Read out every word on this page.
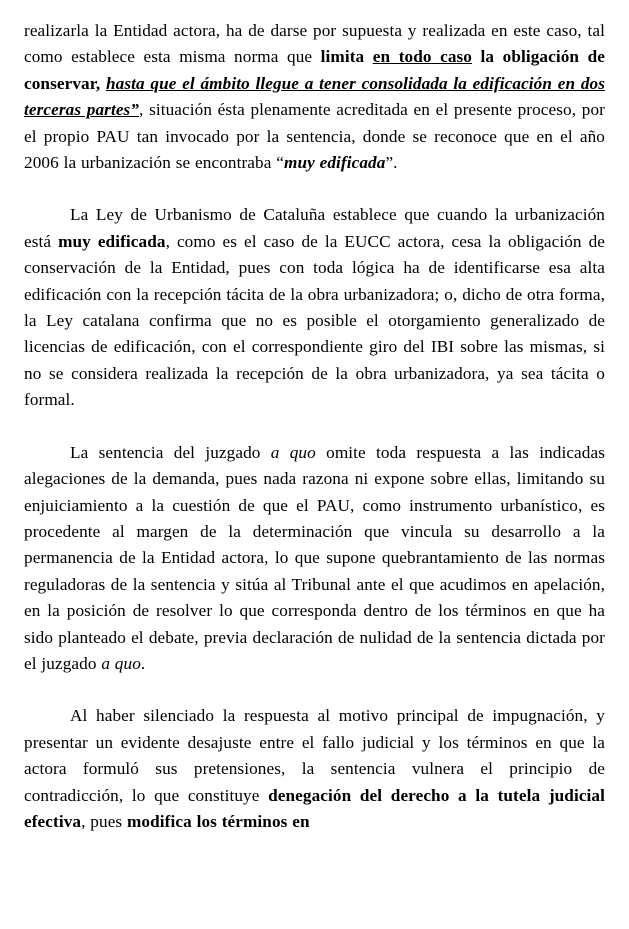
realizarla la Entidad actora, ha de darse por supuesta y realizada en este caso, tal como establece esta misma norma que limita en todo caso la obligación de conservar, hasta que el ámbito llegue a tener consolidada la edificación en dos terceras partes”, situación ésta plenamente acreditada en el presente proceso, por el propio PAU tan invocado por la sentencia, donde se reconoce que en el año 2006 la urbanización se encontraba “muy edificada”.

La Ley de Urbanismo de Cataluña establece que cuando la urbanización está muy edificada, como es el caso de la EUCC actora, cesa la obligación de conservación de la Entidad, pues con toda lógica ha de identificarse esa alta edificación con la recepción tácita de la obra urbanizadora; o, dicho de otra forma, la Ley catalana confirma que no es posible el otorgamiento generalizado de licencias de edificación, con el correspondiente giro del IBI sobre las mismas, si no se considera realizada la recepción de la obra urbanizadora, ya sea tácita o formal.

La sentencia del juzgado a quo omite toda respuesta a las indicadas alegaciones de la demanda, pues nada razona ni expone sobre ellas, limitando su enjuiciamiento a la cuestión de que el PAU, como instrumento urbanístico, es procedente al margen de la determinación que vincula su desarrollo a la permanencia de la Entidad actora, lo que supone quebrantamiento de las normas reguladoras de la sentencia y sitúa al Tribunal ante el que acudimos en apelación, en la posición de resolver lo que corresponda dentro de los términos en que ha sido planteado el debate, previa declaración de nulidad de la sentencia dictada por el juzgado a quo.

Al haber silenciado la respuesta al motivo principal de impugnación, y presentar un evidente desajuste entre el fallo judicial y los términos en que la actora formuló sus pretensiones, la sentencia vulnera el principio de contradicción, lo que constituye denegación del derecho a la tutela judicial efectiva, pues modifica los términos en
